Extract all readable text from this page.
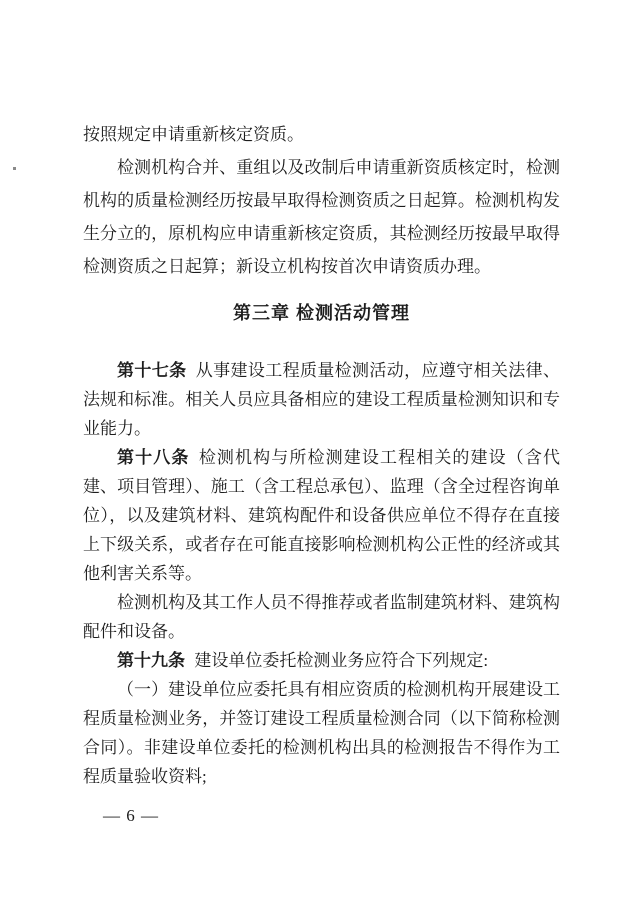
按照规定申请重新核定资质。

检测机构合并、重组以及改制后申请重新资质核定时，检测机构的质量检测经历按最早取得检测资质之日起算。检测机构发生分立的，原机构应申请重新核定资质，其检测经历按最早取得检测资质之日起算；新设立机构按首次申请资质办理。

第三章 检测活动管理

第十七条 从事建设工程质量检测活动，应遵守相关法律、法规和标准。相关人员应具备相应的建设工程质量检测知识和专业能力。

第十八条 检测机构与所检测建设工程相关的建设（含代建、项目管理）、施工（含工程总承包）、监理（含全过程咨询单位），以及建筑材料、建筑构配件和设备供应单位不得存在直接上下级关系，或者存在可能直接影响检测机构公正性的经济或其他利害关系等。

检测机构及其工作人员不得推荐或者监制建筑材料、建筑构配件和设备。

第十九条 建设单位委托检测业务应符合下列规定:

（一）建设单位应委托具有相应资质的检测机构开展建设工程质量检测业务，并签订建设工程质量检测合同（以下简称检测合同）。非建设单位委托的检测机构出具的检测报告不得作为工程质量验收资料;

— 6 —
